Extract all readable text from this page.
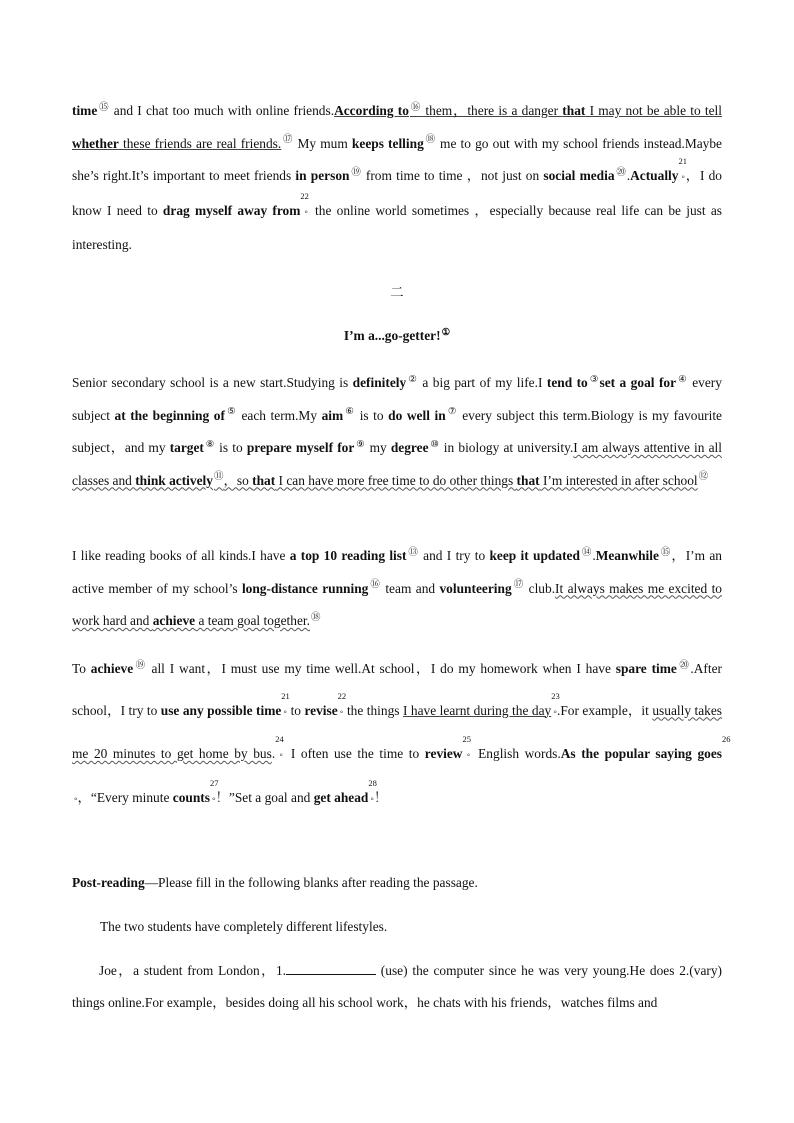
time⑮ and I chat too much with online friends.According to⑯ them，there is a danger that I may not be able to tell whether these friends are real friends.⑰ My mum keeps telling⑱ me to go out with my school friends instead.Maybe she’s right.It’s important to meet friends in person⑲ from time to time ，not just on social media⑳.Actually21◦，I do know I need to drag myself away from22◦ the online world sometimes ，especially because real life can be just as interesting.

二

I’m a...go-getter!①

Senior secondary school is a new start.Studying is definitely② a big part of my life.I tend to③set a goal for④ every subject at the beginning of⑤ each term.My aim⑥ is to do well in⑦ every subject this term.Biology is my favourite subject，and my target⑧ is to prepare myself for⑨ my degree⑩ in biology at university.I am always attentive in all classes and think actively⑪，so that I can have more free time to do other things that I’m interested in after school⑫

I like reading books of all kinds.I have a top 10 reading list⑬ and I try to keep it updated⑭.Meanwhile⑮，I’m an active member of my school’s long-distance running⑯ team and volunteering⑰ club.It always makes me excited to work hard and achieve a team goal together.⑱

To achieve⑲ all I want，I must use my time well.At school，I do my homework when I have spare time⑳.After school，I try to use any possible time21◦ to revise22◦ the things I have learnt during the day23◦.For example，it usually takes me 20 minutes to get home by bus.24◦ I often use the time to review25◦ English words.As the popular saying goes26◦，“Every minute counts27◦！”Set a goal and get ahead28◦！

Post-reading—Please fill in the following blanks after reading the passage.

The two students have completely different lifestyles.

Joe，a student from London，1.	(use) the computer since he was very young.He does 2.(vary) things online.For example，besides doing all his school work，he chats with his friends，watches films and
